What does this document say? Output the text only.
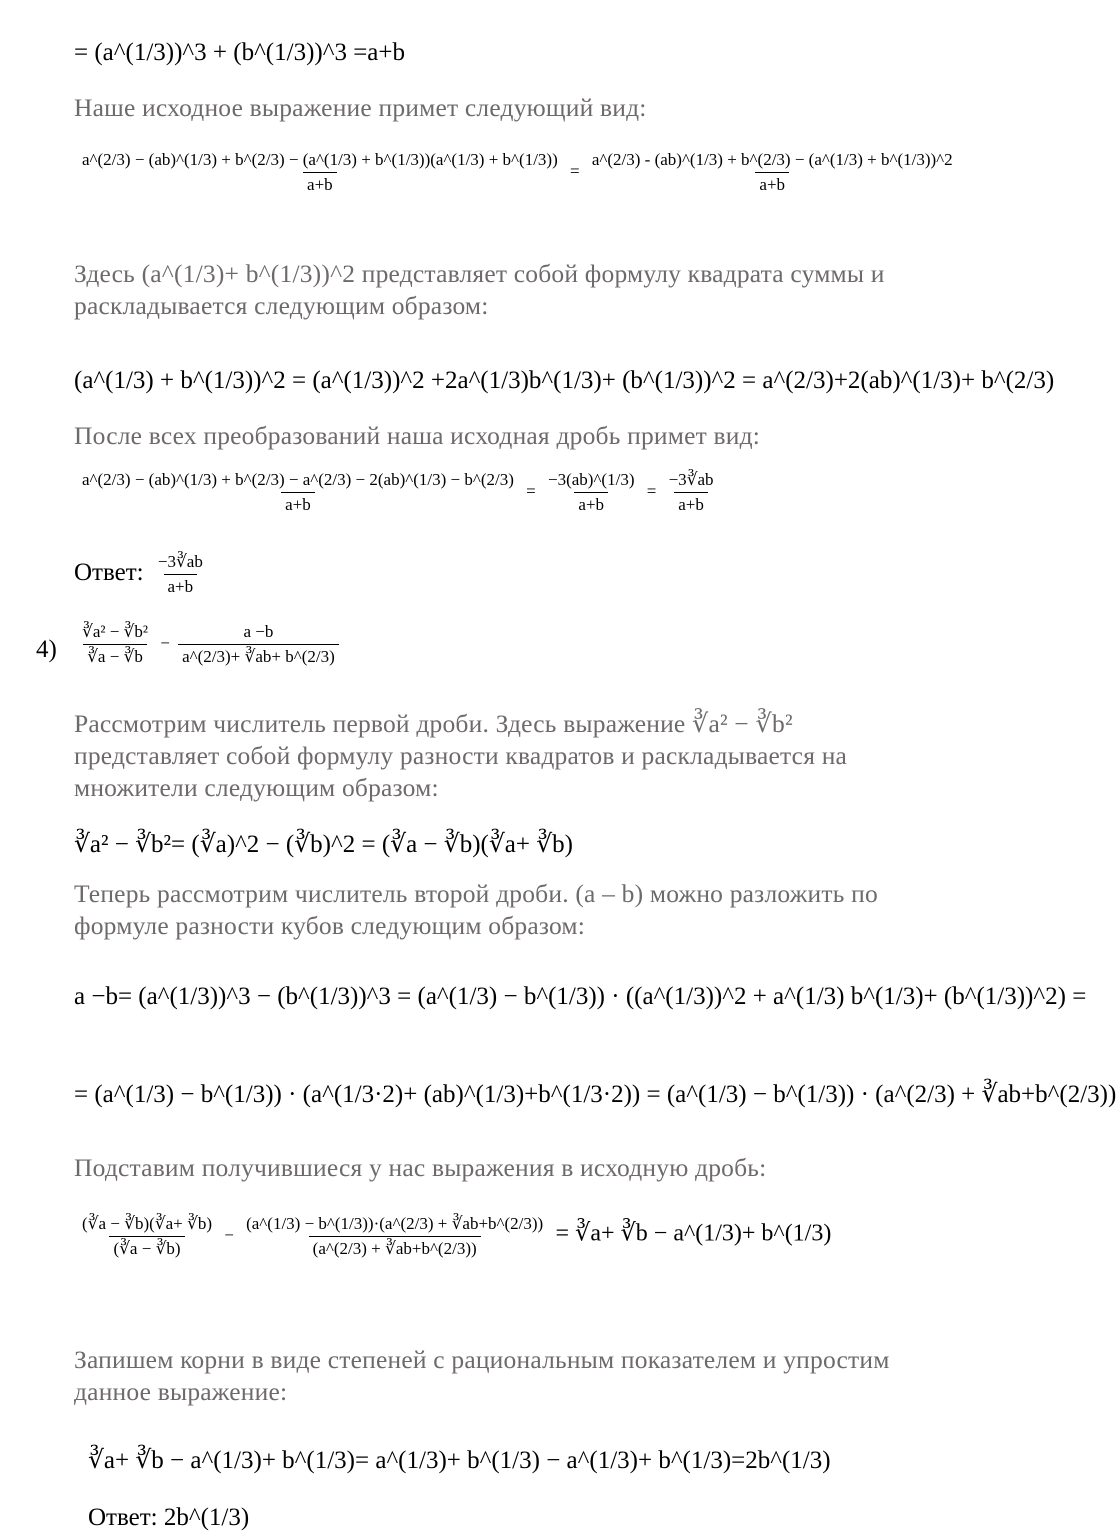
= (a^(1/3))^3 + (b^(1/3))^3 =a+b
Наше исходное выражение примет следующий вид:
a^(2/3) − (ab)^(1/3) + b^(2/3) − (a^(1/3) + b^(1/3))(a^(1/3) + b^(1/3))
a+b
= $\frac{a\^{}(2/3) - (ab)\^{}(1/3) + b\^{}(2/3) - (a\^{}(1/3) + b\^{}(1/3))\^{}2}{a+b}$
Здесь (a^(1/3)+ b^(1/3))^2 представляет собой формулу квадрата суммы и раскладывается следующим образом:
(a^(1/3) + b^(1/3))^2 = (a^(1/3))^2 +2a^(1/3)b^(1/3)+ (b^(1/3))^2 = a^(2/3)+2(ab)^(1/3)+ b^(2/3)
После всех преобразований наша исходная дробь примет вид:
a^(2/3) − (ab)^(1/3) + b^(2/3) − a^(2/3) − 2(ab)^(1/3) − b^(2/3)
a+b
= $\frac{-3(ab)\^{}(1/3)}{a+b} = \frac{-3∛ab}{a+b}$
Ответ: $\frac{-3∛ab}{a+b}$
$4) \frac{\text{∛a² − ∛b²}}{∛a - ∛b} - \frac{a -b}{a\^{}(2/3)+ ∛ab+ b\^{}(2/3)}$
Рассмотрим числитель первой дроби. Здесь выражение ∛a² − ∛b² представляет собой формулу разности квадратов и раскладывается на множители следующим образом:
∛a² − ∛b²= (∛a)^2 − (∛b)^2 = (∛a − ∛b)(∛a+ ∛b)
Теперь рассмотрим числитель второй дроби. (a – b) можно разложить по формуле разности кубов следующим образом:
a −b= (a^(1/3))^3 − (b^(1/3))^3 = (a^(1/3) − b^(1/3)) · ((a^(1/3))^2 + a^(1/3) b^(1/3)+ (b^(1/3))^2) =
= (a^(1/3) − b^(1/3)) · (a^(1/3·2)+ (ab)^(1/3)+b^(1/3·2)) = (a^(1/3) − b^(1/3)) · (a^(2/3) + ∛ab+b^(2/3))
Подставим получившиеся у нас выражения в исходную дробь:
$\frac{(∛a - ∛b)(∛a+ ∛b)}{(∛a - ∛b)} - \frac{(a\^{}(1/3) - b\^{}(1/3))\cdot(a\^{}(2/3) + ∛ab+b\^{}(2/3))}{(a\^{}(2/3) + ∛ab+b\^{}(2/3))}$ = ∛a+ ∛b − a^(1/3)+ b^(1/3)
Запишем корни в виде степеней с рациональным показателем и упростим данное выражение:
∛a+ ∛b − a^(1/3)+ b^(1/3)= a^(1/3)+ b^(1/3) − a^(1/3)+ b^(1/3)=2b^(1/3)
Ответ: 2b^(1/3)
